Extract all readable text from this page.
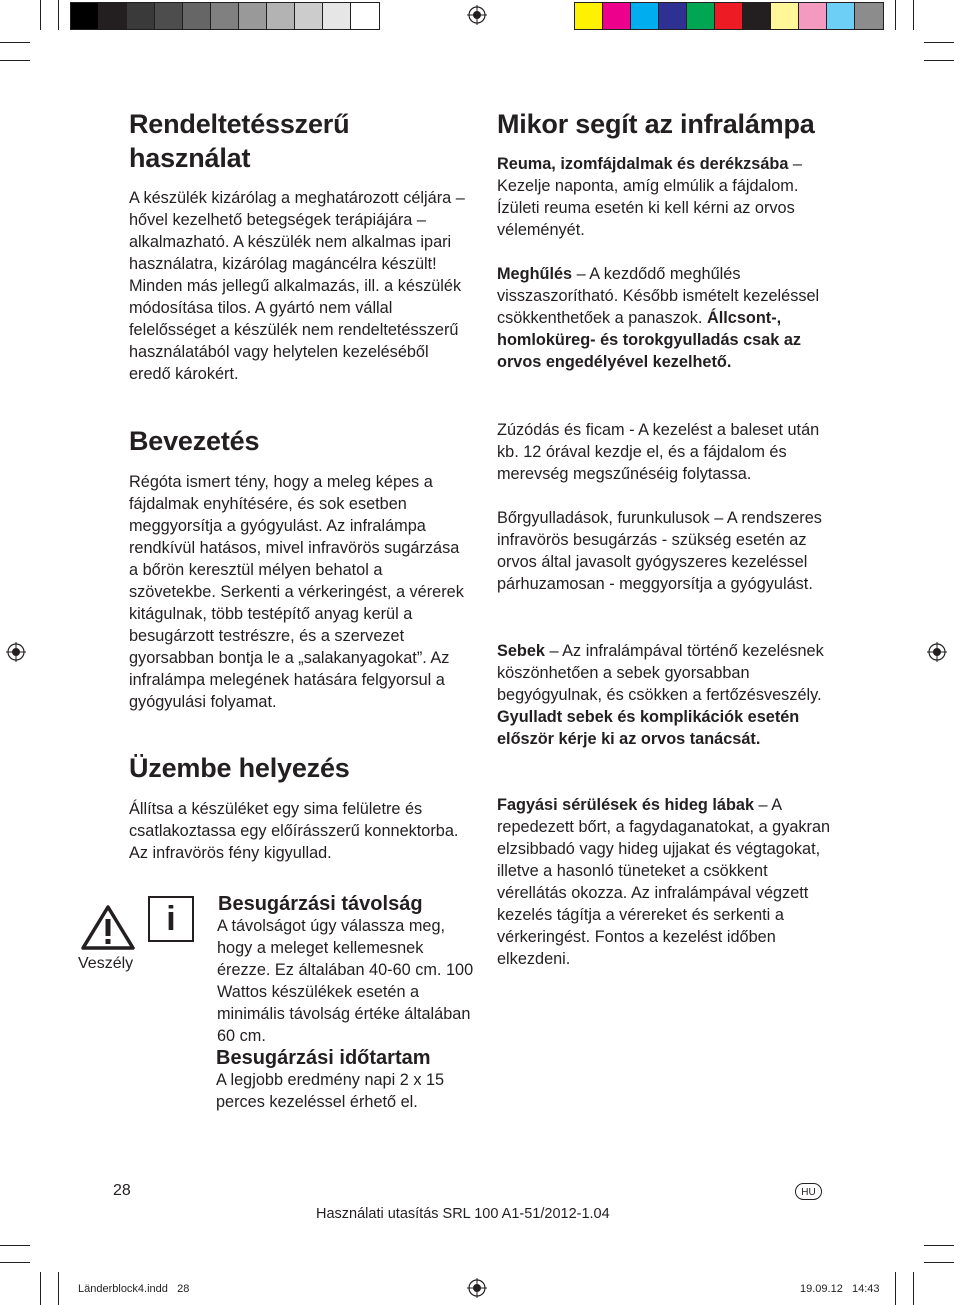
Rendeltetésszerű használat

A készülék kizárólag a meghatározott céljára – hővel kezelhető betegségek terápiájára – alkalmazható. A készülék nem alkalmas ipari használatra, kizárólag magáncélra készült! Minden más jellegű alkalmazás, ill. a készülék módosítása tilos. A gyártó nem vállal felelősséget a készülék nem rendeltetésszerű használatából vagy helytelen kezeléséből eredő károkért.

Bevezetés

Régóta ismert tény, hogy a meleg képes a fájdalmak enyhítésére, és sok esetben meggyorsítja a gyógyulást. Az infralámpa rendkívül hatásos, mivel infravörös sugárzása a bőrön keresztül mélyen behatol a szövetekbe. Serkenti a vérkeringést, a vérerek kitágulnak, több testépítő anyag kerül a besugárzott testrészre, és a szervezet gyorsabban bontja le a „salakanyagokat”. Az infralámpa melegének hatására felgyorsul a gyógyulási folyamat.

Üzembe helyezés

Állítsa a készüléket egy sima felületre és csatlakoztassa egy előírásszerű konnektorba. Az infravörös fény kigyullad.

Veszély
i	Besugárzási távolság

A távolságot úgy válassza meg, hogy a meleget kellemesnek érezze. Ez általában 40-60 cm. 100 Wattos készülékek esetén a minimális távolság értéke általában 60 cm.

Besugárzási időtartam

A legjobb eredmény napi 2 x 15 perces kezeléssel érhető el.

Mikor segít az infralámpa

Reuma, izomfájdalmak és derékzsába – Kezelje naponta, amíg elmúlik a fájdalom. Ízületi reuma esetén ki kell kérni az orvos véleményét.

Meghűlés – A kezdődő meghűlés visszaszorítható. Később ismételt kezeléssel csökkenthetőek a panaszok. Állcsont-, homloküreg- és torokgyulladás csak az orvos engedélyével kezelhető.

Zúzódás és ficam - A kezelést a baleset után kb. 12 órával kezdje el, és a fájdalom és merevség megszűnéséig folytassa.

Bőrgyulladások, furunkulusok – A rendszeres infravörös besugárzás - szükség esetén az orvos által javasolt gyógyszeres kezeléssel párhuzamosan - meggyorsítja a gyógyulást.

Sebek – Az infralámpával történő kezelésnek köszönhetően a sebek gyorsabban begyógyulnak, és csökken a fertőzésveszély. Gyulladt sebek és komplikációk esetén először kérje ki az orvos tanácsát.

Fagyási sérülések és hideg lábak – A repedezett bőrt, a fagydaganatokat, a gyakran elzsibbadó vagy hideg ujjakat és végtagokat, illetve a hasonló tüneteket a csökkent vérellátás okozza. Az infralámpával végzett kezelés tágítja a vérereket és serkenti a vérkeringést. Fontos a kezelést időben elkezdeni.

28	HU
Használati utasítás SRL 100 A1-51/2012-1.04
Länderblock4.indd   28	19.09.12   14:43
